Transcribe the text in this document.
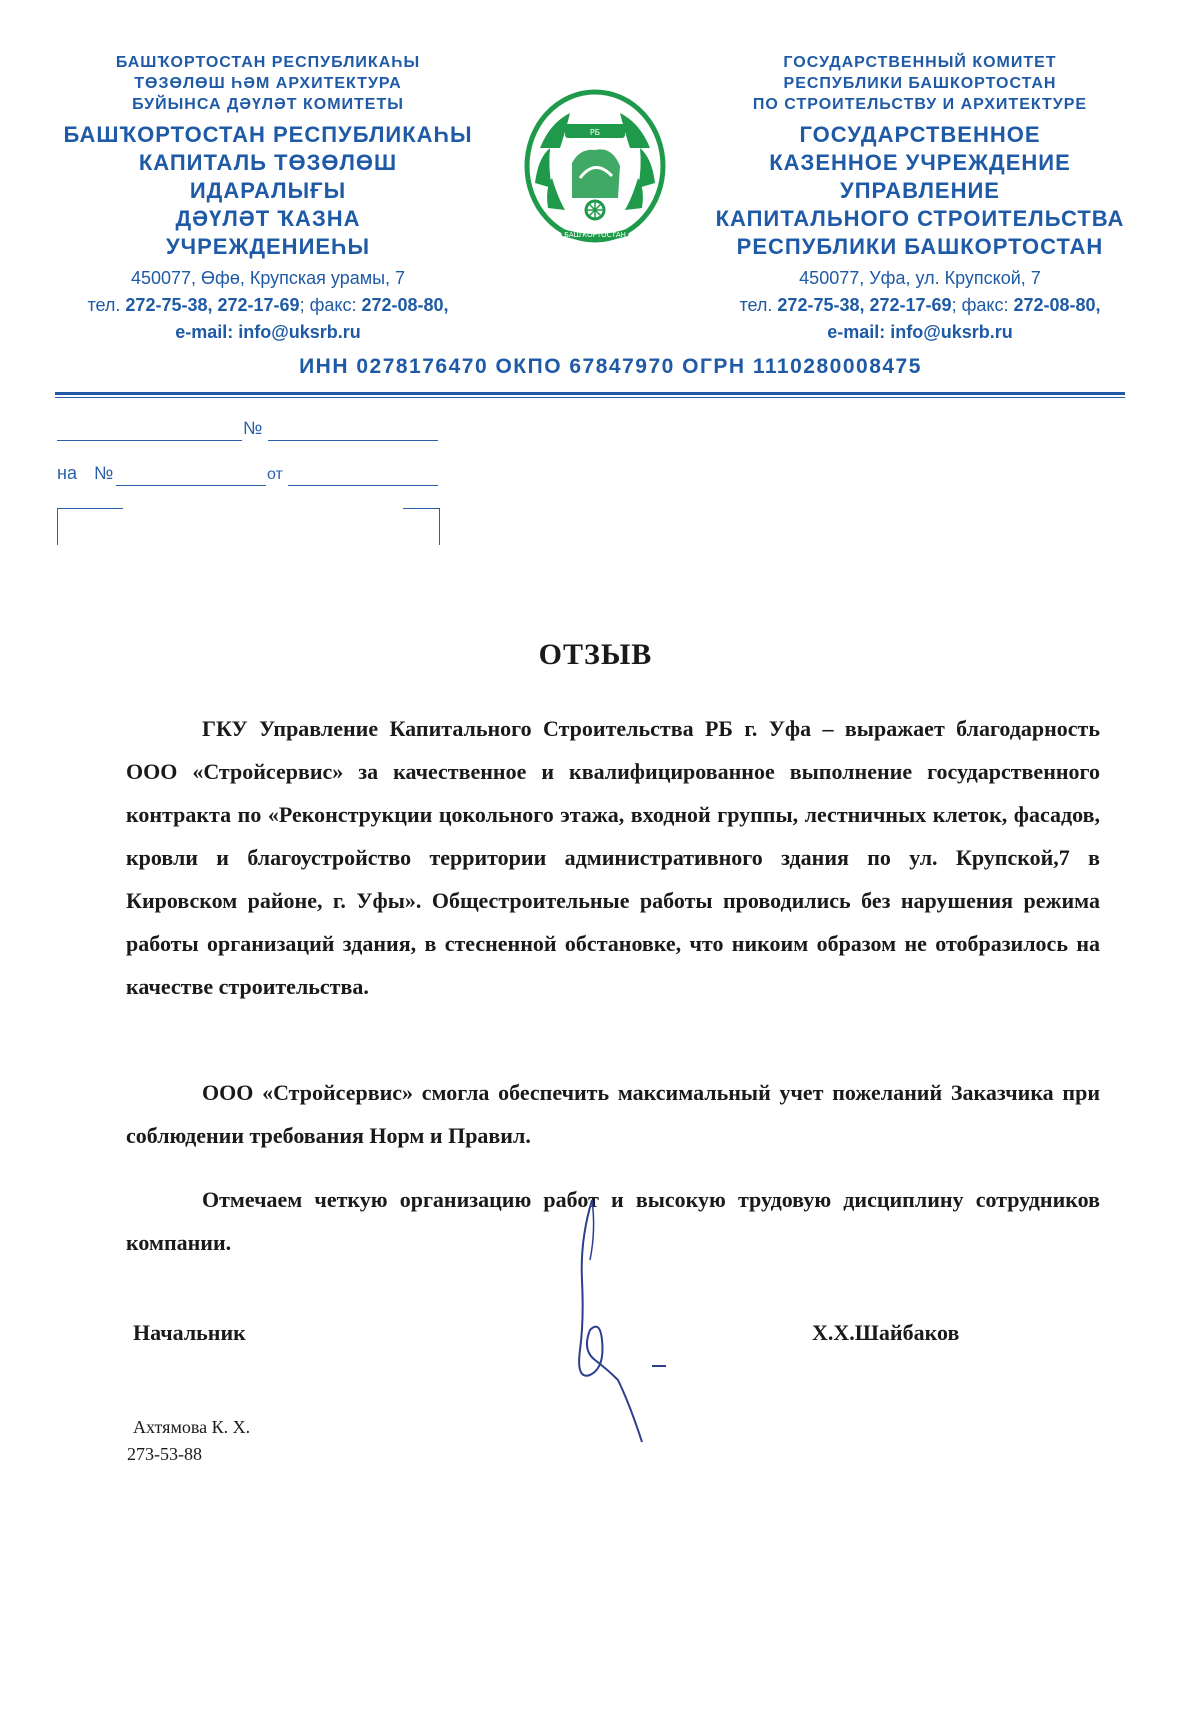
БАШҠОРТОСТАН РЕСПУБЛИКАҺЫ
ТӨЗӨЛӨШ ҺӘМ АРХИТЕКТУРА
БУЙЫНСА ДӘҮЛӘТ КОМИТЕТЫ
БАШҠОРТОСТАН РЕСПУБЛИКАҺЫ
КАПИТАЛЬ ТӨЗӨЛӨШ
ИДАРАЛЫҒЫ
ДӘҮЛӘТ ҠАЗНА
УЧРЕЖДЕНИЕҺЫ
450077, Өфө, Крупская урамы, 7
тел. 272-75-38, 272-17-69; факс: 272-08-80,
e-mail: info@uksrb.ru
РБ
БАШҠОРТОСТАН
ГОСУДАРСТВЕННЫЙ КОМИТЕТ
РЕСПУБЛИКИ БАШКОРТОСТАН
ПО СТРОИТЕЛЬСТВУ И АРХИТЕКТУРЕ
ГОСУДАРСТВЕННОЕ
КАЗЕННОЕ УЧРЕЖДЕНИЕ
УПРАВЛЕНИЕ
КАПИТАЛЬНОГО СТРОИТЕЛЬСТВА
РЕСПУБЛИКИ БАШКОРТОСТАН
450077, Уфа, ул. Крупской, 7
тел. 272-75-38, 272-17-69; факс: 272-08-80,
e-mail: info@uksrb.ru
ИНН 0278176470 ОКПО 67847970 ОГРН 1110280008475
№
на №	от
ОТЗЫВ

ГКУ Управление Капитального Строительства РБ г. Уфа – выражает благодарность ООО «Стройсервис» за качественное и квалифицированное выполнение государственного контракта по «Реконструкции цокольного этажа, входной группы, лестничных клеток, фасадов, кровли и благоустройство территории административного здания по ул. Крупской,7 в Кировском районе, г. Уфы». Общестроительные работы проводились без нарушения режима работы организаций здания, в стесненной обстановке, что никоим образом не отобразилось на качестве строительства.

ООО «Стройсервис» смогла обеспечить максимальный учет пожеланий Заказчика при соблюдении требования Норм и Правил.

Отмечаем четкую организацию работ и высокую трудовую дисциплину сотрудников компании.

Начальник	Х.Х.Шайбаков
Ахтямова К. Х.
273-53-88
